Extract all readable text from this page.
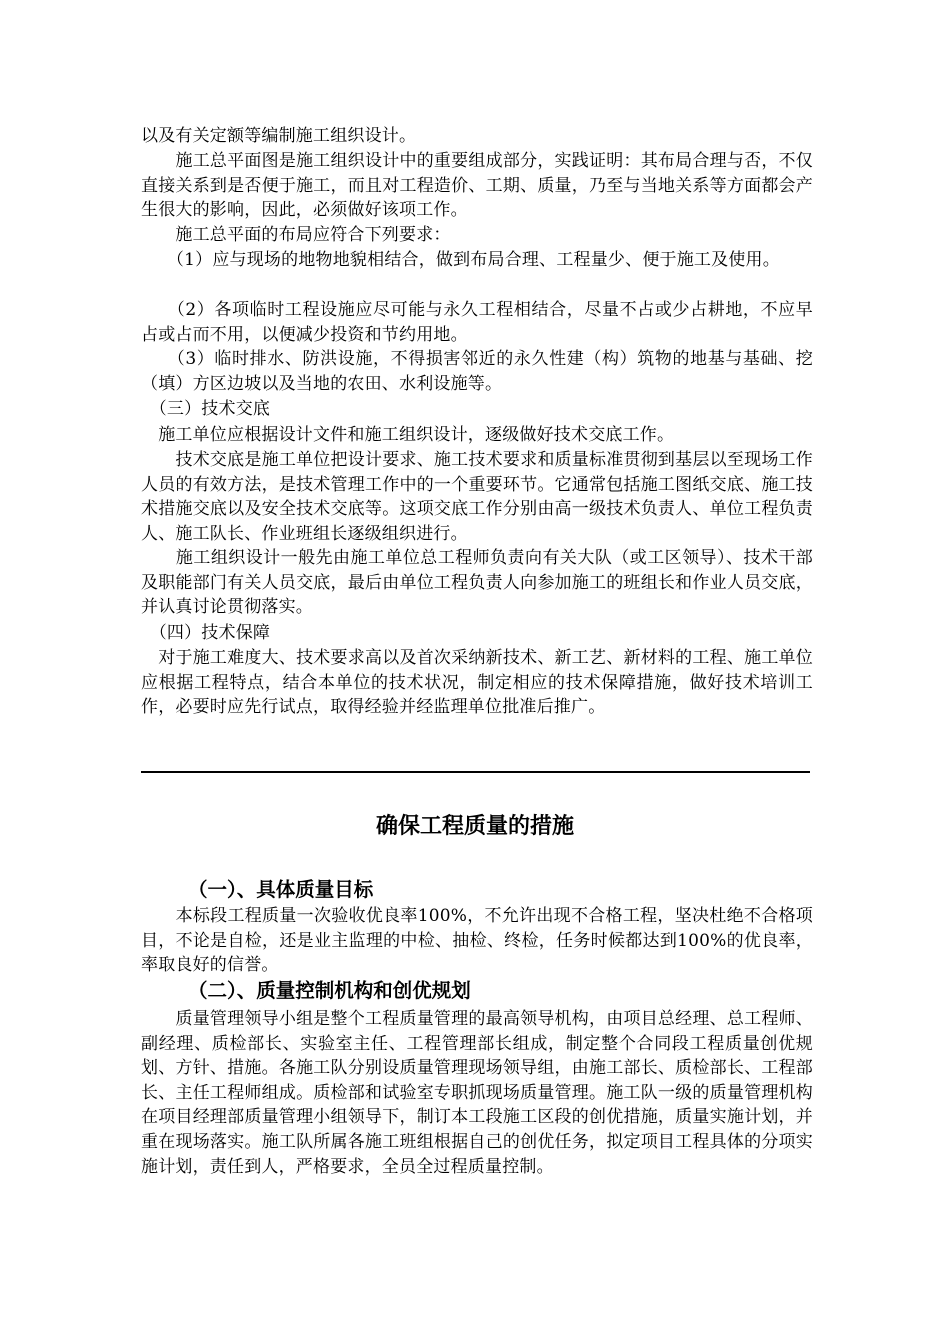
以及有关定额等编制施工组织设计。
　　施工总平面图是施工组织设计中的重要组成部分，实践证明：其布局合理与否，不仅直接关系到是否便于施工，而且对工程造价、工期、质量，乃至与当地关系等方面都会产生很大的影响，因此，必须做好该项工作。
　　施工总平面的布局应符合下列要求：
　　（1）应与现场的地物地貌相结合，做到布局合理、工程量少、便于施工及使用。
　　（2）各项临时工程设施应尽可能与永久工程相结合，尽量不占或少占耕地，不应早占或占而不用，以便减少投资和节约用地。
　　（3）临时排水、防洪设施，不得损害邻近的永久性建（构）筑物的地基与基础、挖（填）方区边坡以及当地的农田、水利设施等。
　（三）技术交底
　施工单位应根据设计文件和施工组织设计，逐级做好技术交底工作。
　　技术交底是施工单位把设计要求、施工技术要求和质量标准贯彻到基层以至现场工作人员的有效方法，是技术管理工作中的一个重要环节。它通常包括施工图纸交底、施工技术措施交底以及安全技术交底等。这项交底工作分别由高一级技术负责人、单位工程负责人、施工队长、作业班组长逐级组织进行。
　　施工组织设计一般先由施工单位总工程师负责向有关大队（或工区领导）、技术干部及职能部门有关人员交底，最后由单位工程负责人向参加施工的班组长和作业人员交底，并认真讨论贯彻落实。
　（四）技术保障
　对于施工难度大、技术要求高以及首次采纳新技术、新工艺、新材料的工程、施工单位应根据工程特点，结合本单位的技术状况，制定相应的技术保障措施，做好技术培训工作，必要时应先行试点，取得经验并经监理单位批准后推广。
确保工程质量的措施
（一）、具体质量目标
　　本标段工程质量一次验收优良率100%，不允许出现不合格工程，坚决杜绝不合格项目，不论是自检，还是业主监理的中检、抽检、终检，任务时候都达到100%的优良率，率取良好的信誉。
（二）、质量控制机构和创优规划
　　质量管理领导小组是整个工程质量管理的最高领导机构，由项目总经理、总工程师、副经理、质检部长、实验室主任、工程管理部长组成，制定整个合同段工程质量创优规划、方针、措施。各施工队分别设质量管理现场领导组，由施工部长、质检部长、工程部长、主任工程师组成。质检部和试验室专职抓现场质量管理。施工队一级的质量管理机构在项目经理部质量管理小组领导下，制订本工段施工区段的创优措施，质量实施计划，并重在现场落实。施工队所属各施工班组根据自己的创优任务，拟定项目工程具体的分项实施计划，责任到人，严格要求，全员全过程质量控制。
